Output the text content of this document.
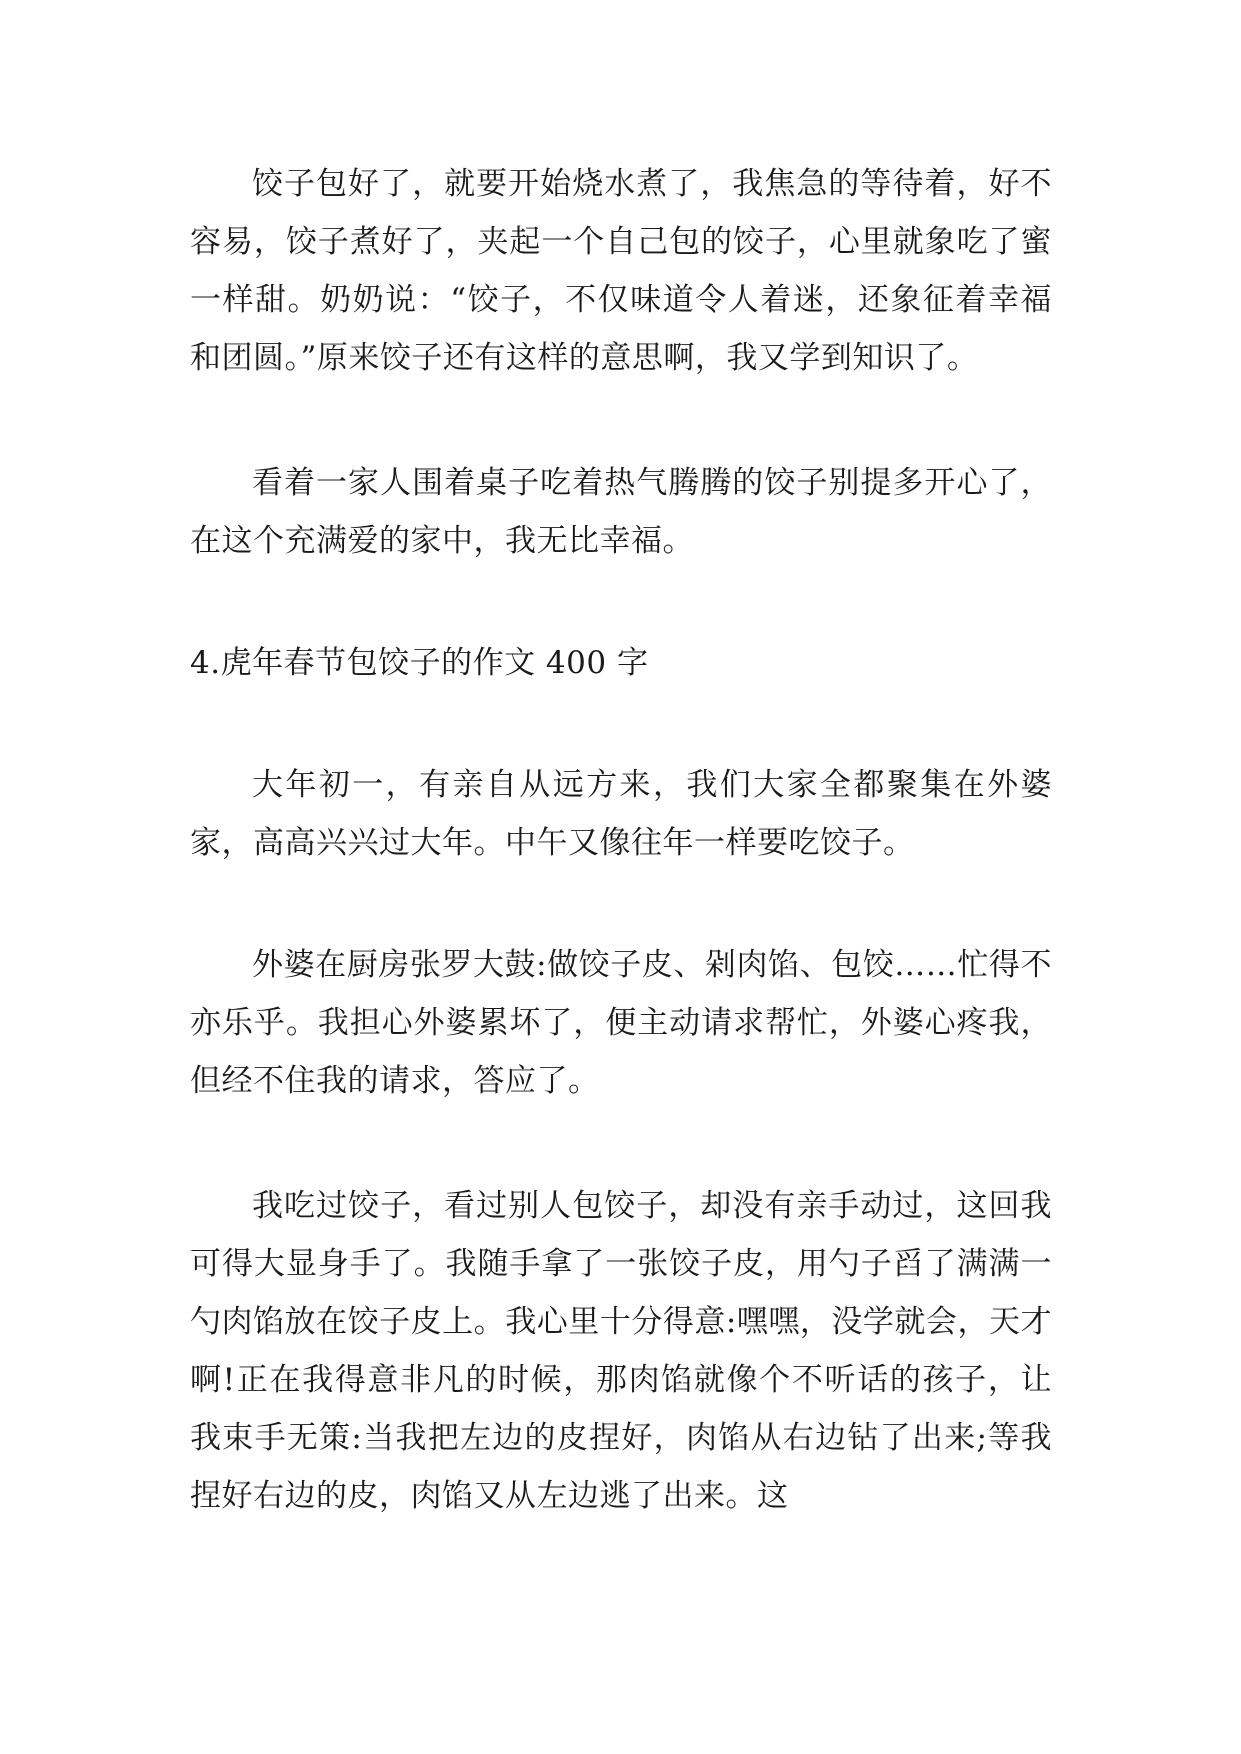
饺子包好了，就要开始烧水煮了，我焦急的等待着，好不容易，饺子煮好了，夹起一个自己包的饺子，心里就象吃了蜜一样甜。奶奶说：“饺子，不仅味道令人着迷，还象征着幸福和团圆。”原来饺子还有这样的意思啊，我又学到知识了。

看着一家人围着桌子吃着热气腾腾的饺子别提多开心了，在这个充满爱的家中，我无比幸福。

4.虎年春节包饺子的作文 400 字

大年初一，有亲自从远方来，我们大家全都聚集在外婆家，高高兴兴过大年。中午又像往年一样要吃饺子。

外婆在厨房张罗大鼓:做饺子皮、剁肉馅、包饺……忙得不亦乐乎。我担心外婆累坏了，便主动请求帮忙，外婆心疼我，但经不住我的请求，答应了。

我吃过饺子，看过别人包饺子，却没有亲手动过，这回我可得大显身手了。我随手拿了一张饺子皮，用勺子舀了满满一勺肉馅放在饺子皮上。我心里十分得意:嘿嘿，没学就会，天才啊!正在我得意非凡的时候，那肉馅就像个不听话的孩子，让我束手无策:当我把左边的皮捏好，肉馅从右边钻了出来;等我捏好右边的皮，肉馅又从左边逃了出来。这
